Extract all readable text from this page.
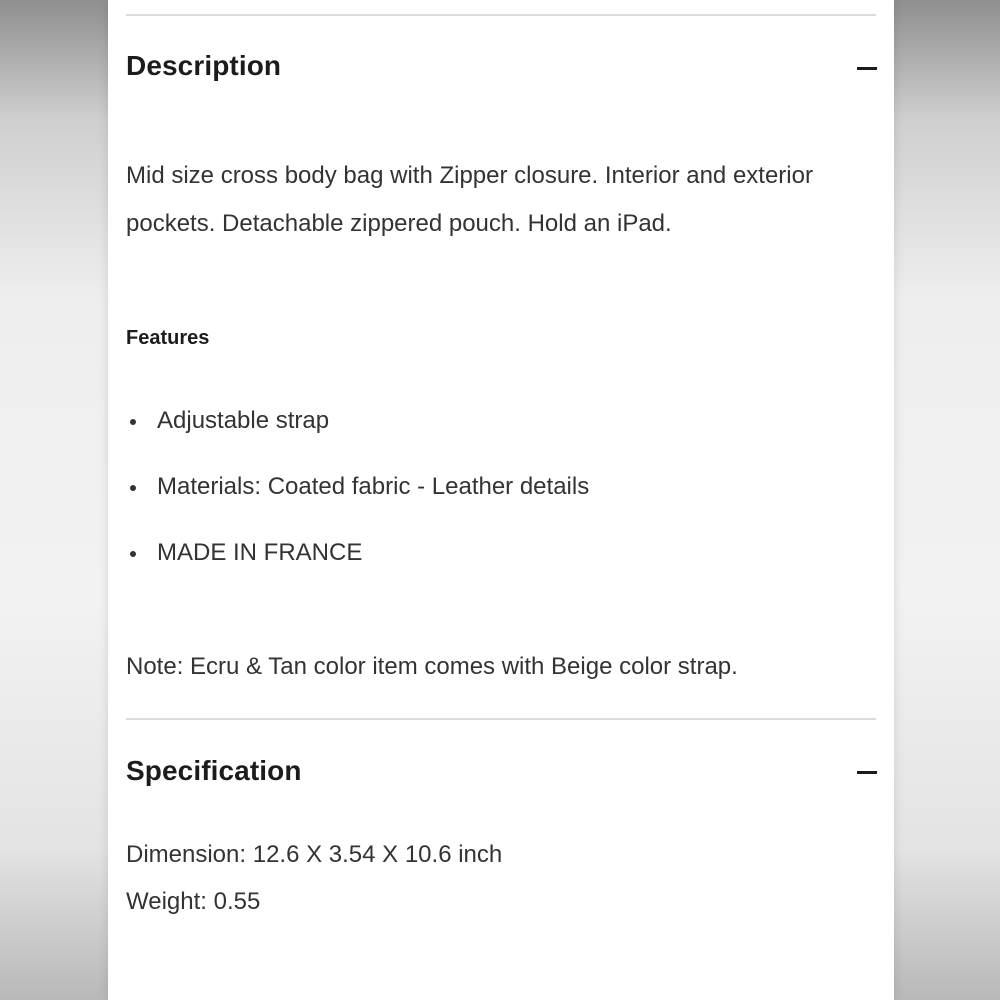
Description
Mid size cross body bag with Zipper closure. Interior and exterior pockets. Detachable zippered pouch. Hold an iPad.
Features
Adjustable strap
Materials: Coated fabric - Leather details
MADE IN FRANCE
Note: Ecru & Tan color item comes with Beige color strap.
Specification
Dimension: 12.6 X 3.54 X 10.6 inch
Weight: 0.55
